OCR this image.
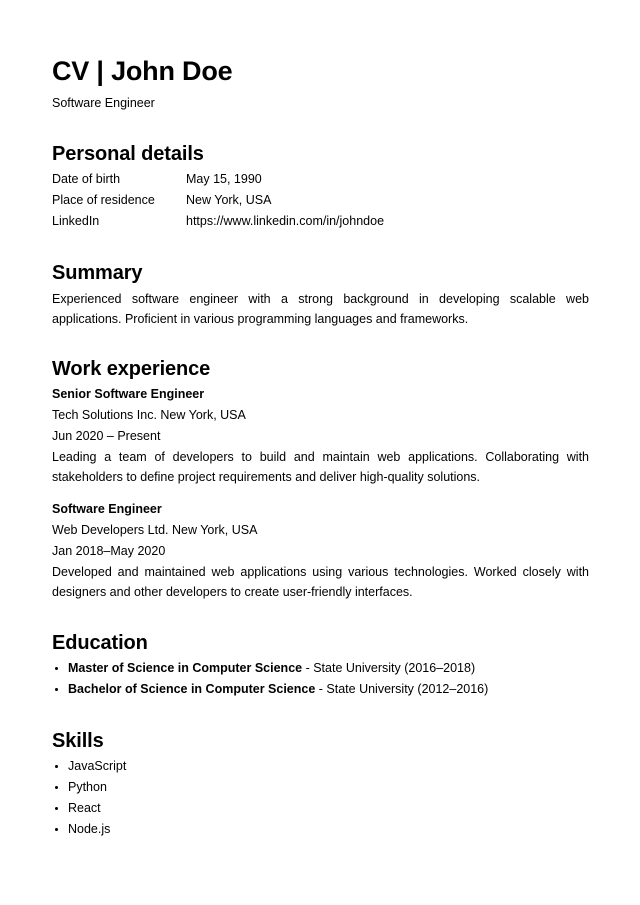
CV | John Doe

Software Engineer

Personal details
Date of birth	May 15, 1990
Place of residence	New York, USA
LinkedIn	https://www.linkedin.com/in/johndoe
Summary

Experienced software engineer with a strong background in developing scalable web applications. Proficient in various programming languages and frameworks.

Work experience

Senior Software Engineer

Tech Solutions Inc. New York, USA

Jun 2020 – Present

Leading a team of developers to build and maintain web applications. Collaborating with stakeholders to define project requirements and deliver high-quality solutions.

Software Engineer

Web Developers Ltd. New York, USA

Jan 2018–May 2020

Developed and maintained web applications using various technologies. Worked closely with designers and other developers to create user-friendly interfaces.

Education
• Master of Science in Computer Science - State University (2016–2018)
• Bachelor of Science in Computer Science - State University (2012–2016)
Skills
• JavaScript
• Python
• React
• Node.js
